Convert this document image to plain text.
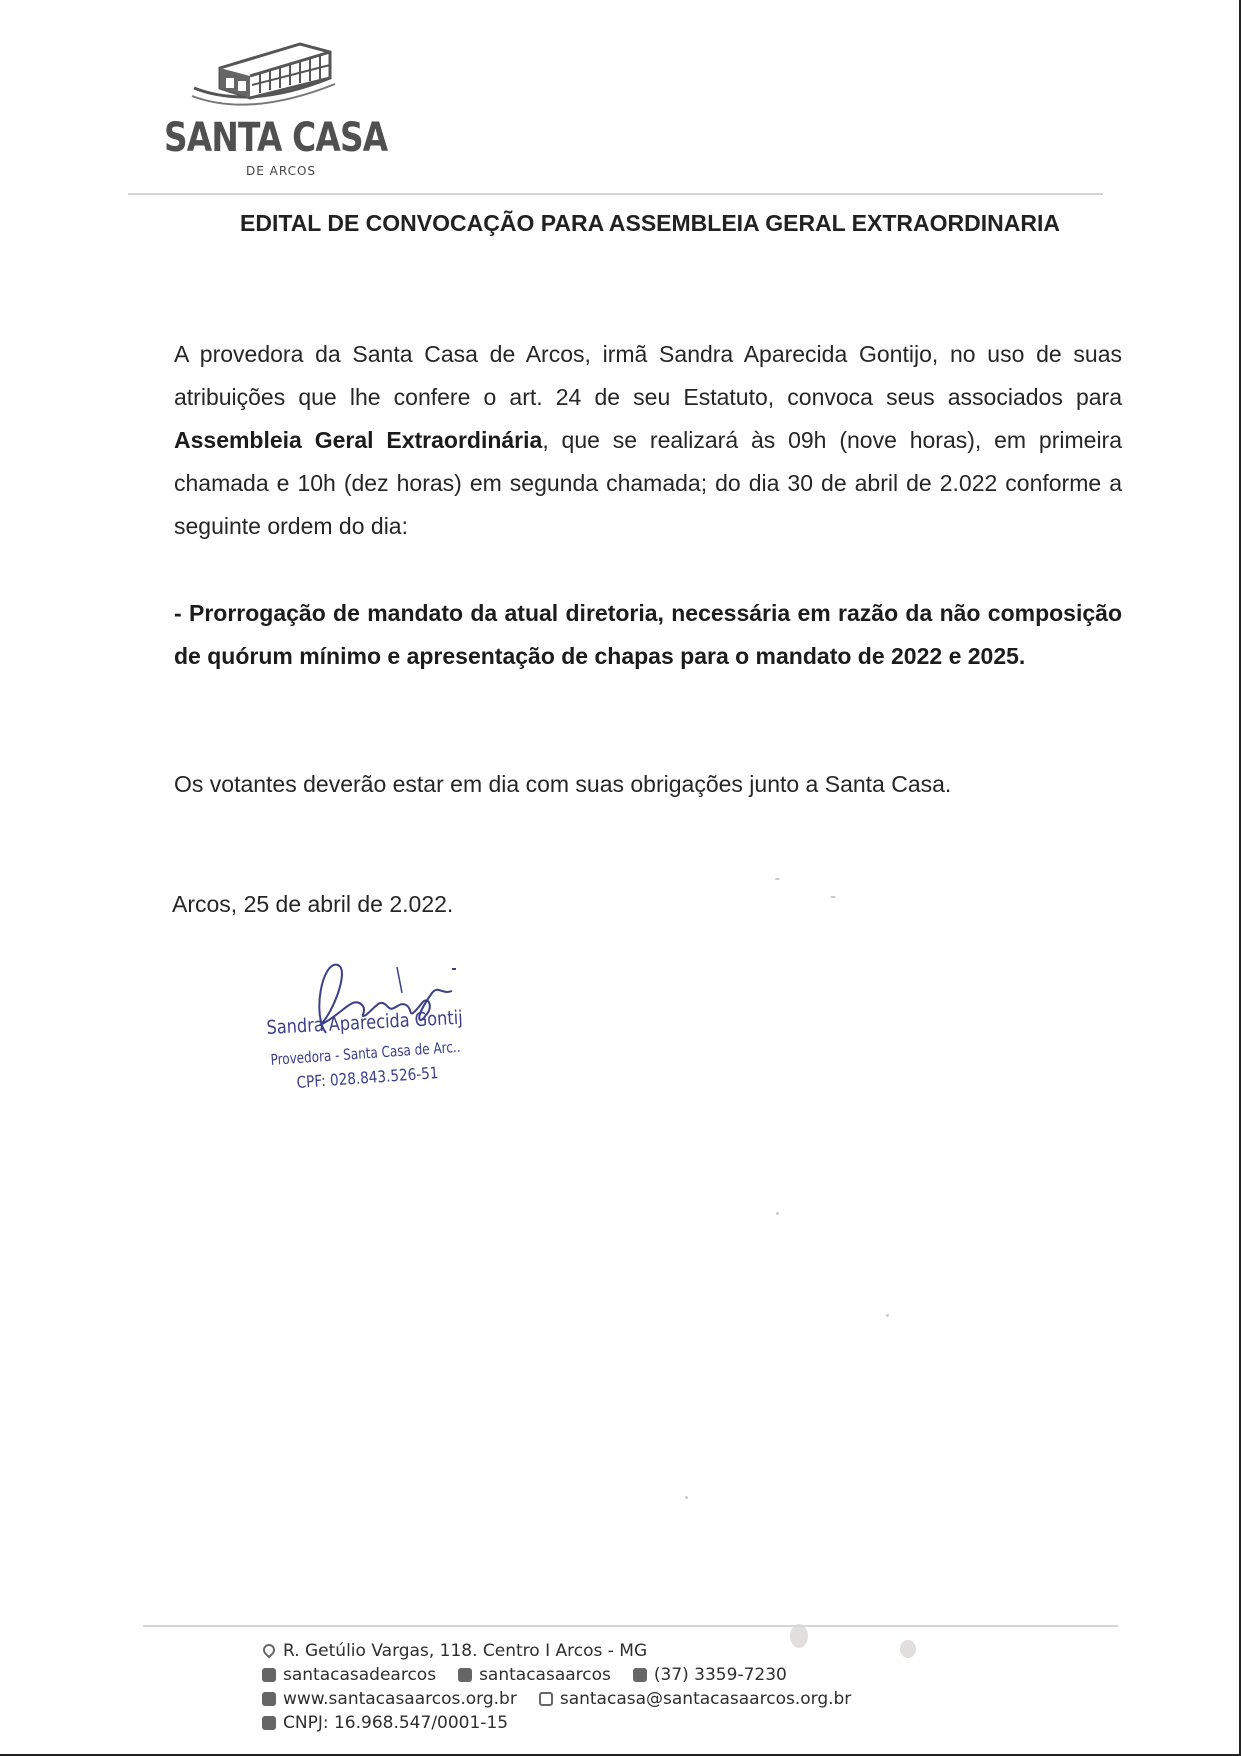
SANTA CASA
DE ARCOS
EDITAL DE CONVOCAÇÃO PARA ASSEMBLEIA GERAL EXTRAORDINARIA
A provedora da Santa Casa de Arcos, irmã Sandra Aparecida Gontijo, no uso de suas atribuições que lhe confere o art. 24 de seu Estatuto, convoca seus associados para Assembleia Geral Extraordinária, que se realizará às 09h (nove horas), em primeira chamada e 10h (dez horas) em segunda chamada; do dia 30 de abril de 2.022 conforme a seguinte ordem do dia:
- Prorrogação de mandato da atual diretoria, necessária em razão da não composição de quórum mínimo e apresentação de chapas para o mandato de 2022 e 2025.
Os votantes deverão estar em dia com suas obrigações junto a Santa Casa.
Arcos, 25 de abril de 2.022.
Sandra Aparecida Gontij
Provedora - Santa Casa de Arc..
CPF: 028.843.526-51
R. Getúlio Vargas, 118. Centro I Arcos - MG
santacasadearcos	santacasaarcos	(37) 3359-7230
www.santacasaarcos.org.br	santacasa@santacasaarcos.org.br
CNPJ: 16.968.547/0001-15
